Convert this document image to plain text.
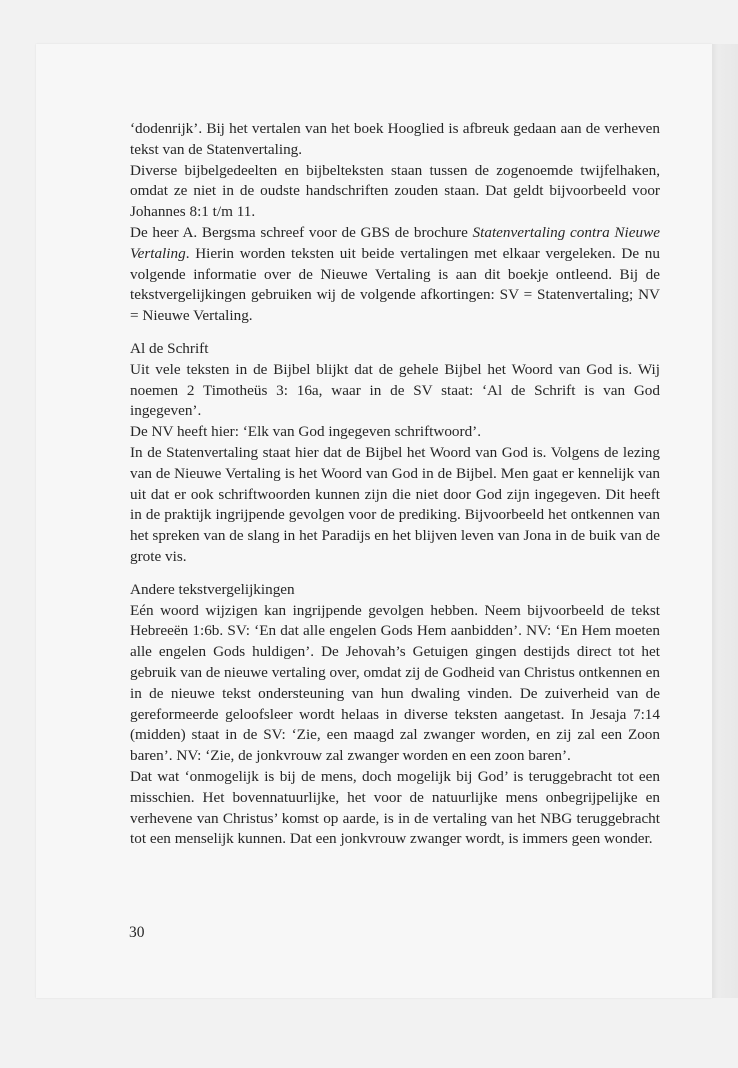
‘dodenrijk’. Bij het vertalen van het boek Hooglied is afbreuk gedaan aan de verheven tekst van de Statenvertaling.

Diverse bijbelgedeelten en bijbelteksten staan tussen de zogenoemde twijfelhaken, omdat ze niet in de oudste handschriften zouden staan. Dat geldt bijvoorbeeld voor Johannes 8:1 t/m 11.

De heer A. Bergsma schreef voor de GBS de brochure Statenvertaling contra Nieuwe Vertaling. Hierin worden teksten uit beide vertalingen met elkaar vergeleken. De nu volgende informatie over de Nieuwe Vertaling is aan dit boekje ontleend. Bij de tekstvergelijkingen gebruiken wij de volgende afkortingen: SV = Statenvertaling; NV = Nieuwe Vertaling.

Al de Schrift

Uit vele teksten in de Bijbel blijkt dat de gehele Bijbel het Woord van God is. Wij noemen 2 Timotheüs 3: 16a, waar in de SV staat: ‘Al de Schrift is van God ingegeven’.

De NV heeft hier: ‘Elk van God ingegeven schriftwoord’.

In de Statenvertaling staat hier dat de Bijbel het Woord van God is. Volgens de lezing van de Nieuwe Vertaling is het Woord van God in de Bijbel. Men gaat er kennelijk van uit dat er ook schriftwoorden kunnen zijn die niet door God zijn ingegeven. Dit heeft in de praktijk ingrijpende gevolgen voor de prediking. Bijvoorbeeld het ontkennen van het spreken van de slang in het Paradijs en het blijven leven van Jona in de buik van de grote vis.

Andere tekstvergelijkingen

Eén woord wijzigen kan ingrijpende gevolgen hebben. Neem bijvoorbeeld de tekst Hebreeën 1:6b. SV: ‘En dat alle engelen Gods Hem aanbidden’. NV: ‘En Hem moeten alle engelen Gods huldigen’. De Jehovah’s Getuigen gingen destijds direct tot het gebruik van de nieuwe vertaling over, omdat zij de Godheid van Christus ontkennen en in de nieuwe tekst ondersteuning van hun dwaling vinden. De zuiverheid van de gereformeerde geloofsleer wordt helaas in diverse teksten aangetast. In Jesaja 7:14 (midden) staat in de SV: ‘Zie, een maagd zal zwanger worden, en zij zal een Zoon baren’. NV: ‘Zie, de jonkvrouw zal zwanger worden en een zoon baren’.

Dat wat ‘onmogelijk is bij de mens, doch mogelijk bij God’ is teruggebracht tot een misschien. Het bovennatuurlijke, het voor de natuurlijke mens onbegrijpelijke en verhevene van Christus’ komst op aarde, is in de vertaling van het NBG teruggebracht tot een menselijk kunnen. Dat een jonkvrouw zwanger wordt, is immers geen wonder.

30
